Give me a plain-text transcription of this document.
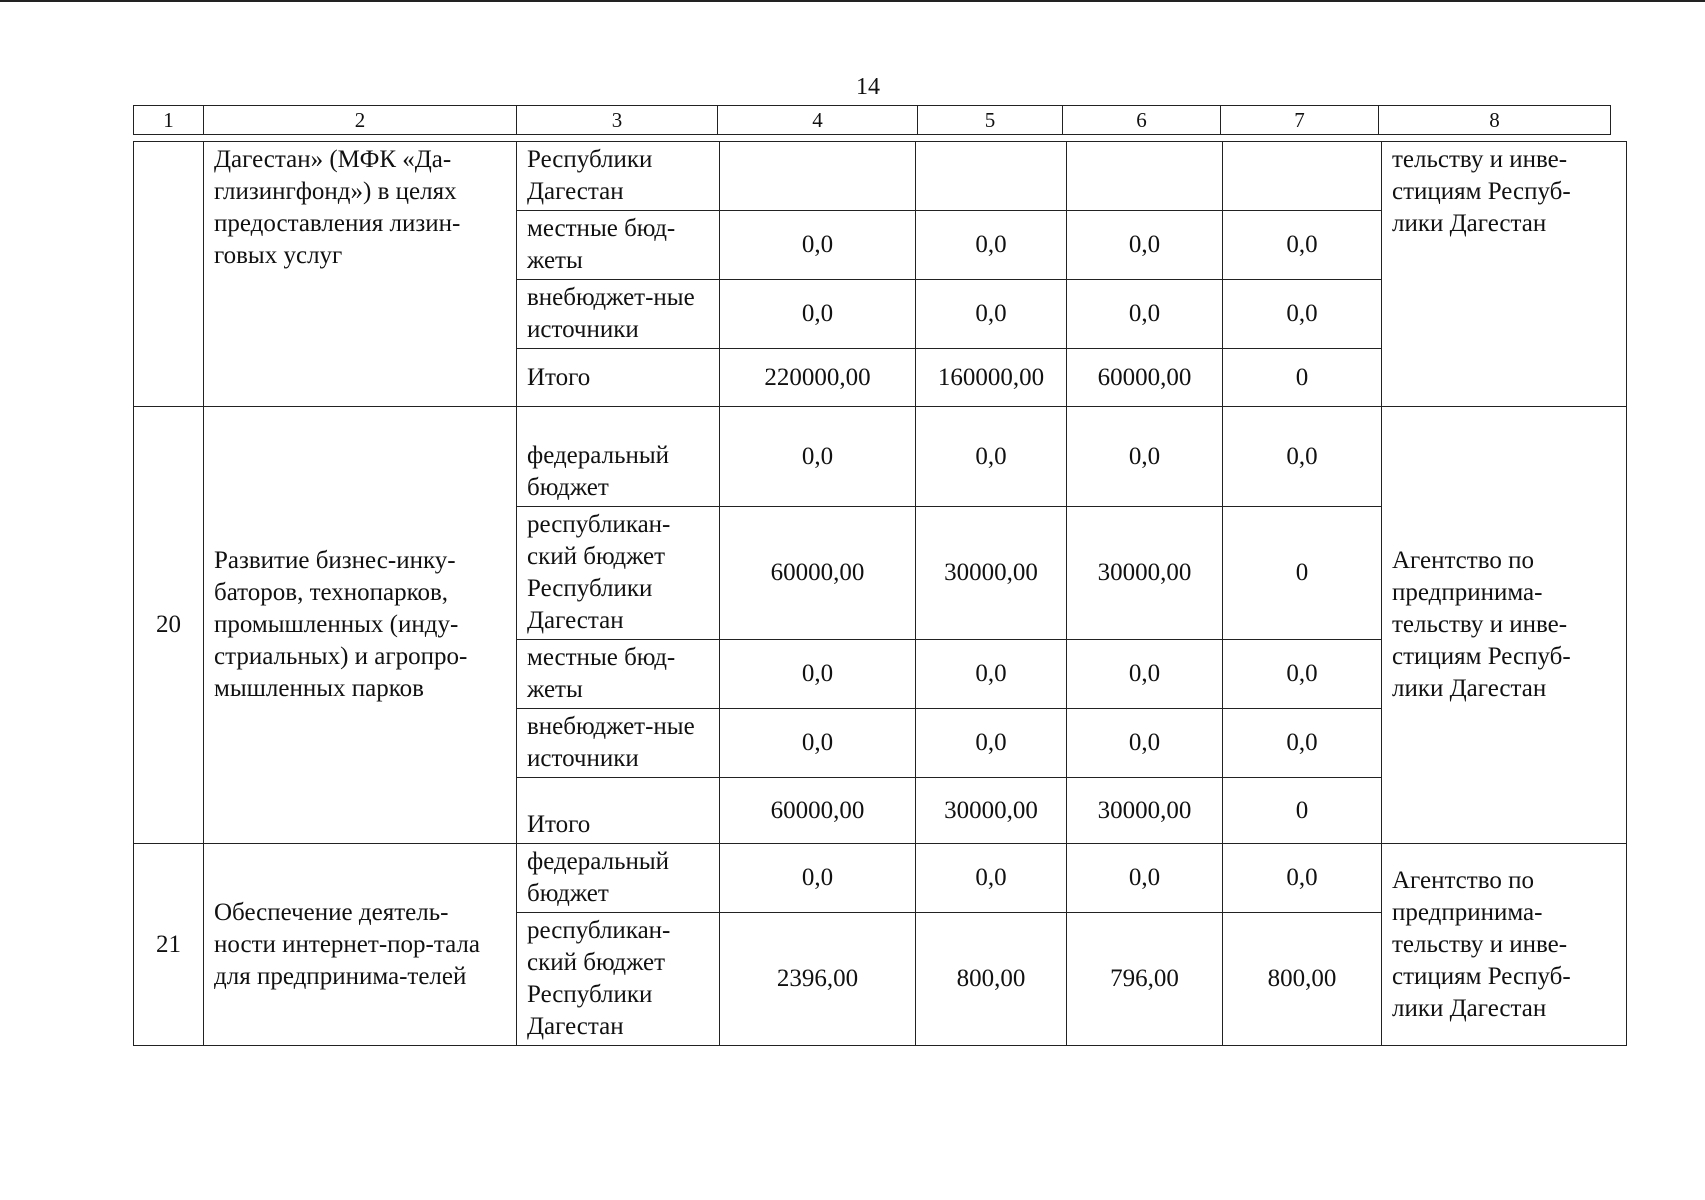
14
1	2	3	4	5	6	7	8
	Дагестан» (МФК «Да-глизингфонд») в целях предоставления лизин-говых услуг	Республики Дагестан					тельству и инве-стициям Респуб-лики Дагестан
		местные бюд-жеты	0,0	0,0	0,0	0,0	
		внебюджет-ные источники	0,0	0,0	0,0	0,0	
		Итого	220000,00	160000,00	60000,00	0	
20	Развитие бизнес-инку-баторов, технопарков, промышленных (инду-стриальных) и агропро-мышленных парков	федеральный бюджет	0,0	0,0	0,0	0,0	Агентство по предпринима-тельству и инве-стициям Респуб-лики Дагестан
		республикан-ский бюджет Республики Дагестан	60000,00	30000,00	30000,00	0	
		местные бюд-жеты	0,0	0,0	0,0	0,0	
		внебюджет-ные источники	0,0	0,0	0,0	0,0	
		Итого	60000,00	30000,00	30000,00	0	
21	Обеспечение деятель-ности интернет-пор-тала для предпринима-телей	федеральный бюджет	0,0	0,0	0,0	0,0	Агентство по предпринима-тельству и инве-стициям Респуб-лики Дагестан
		республикан-ский бюджет Республики Дагестан	2396,00	800,00	796,00	800,00	
